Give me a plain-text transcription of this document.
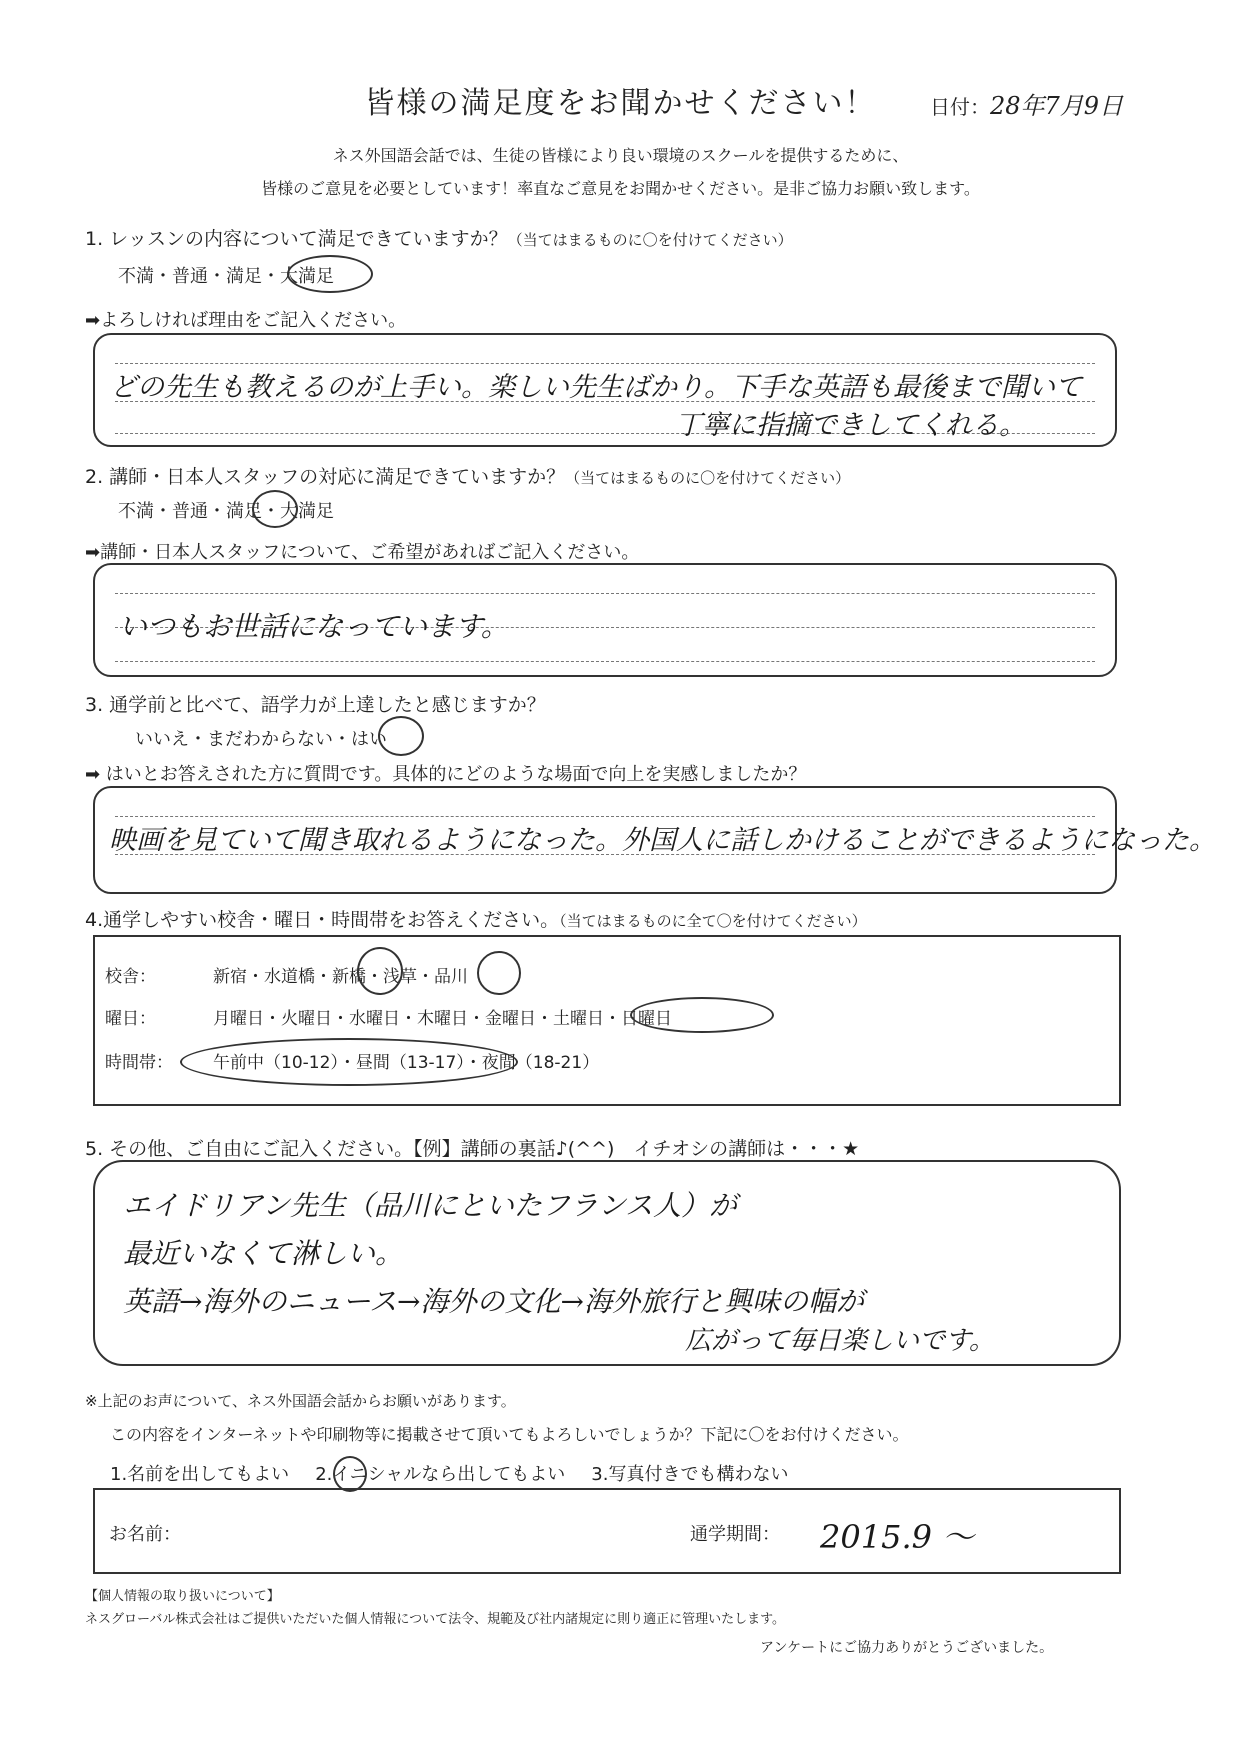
皆様の満足度をお聞かせください！	日付：28年7月9日
ネス外国語会話では、生徒の皆様により良い環境のスクールを提供するために、
皆様のご意見を必要としています！率直なご意見をお聞かせください。是非ご協力お願い致します。
1. レッスンの内容について満足できていますか？（当てはまるものに〇を付けてください）
不満・普通・満足・大満足
➡よろしければ理由をご記入ください。
どの先生も教えるのが上手い。楽しい先生ばかり。下手な英語も最後まで聞いて
丁寧に指摘できしてくれる。
2. 講師・日本人スタッフの対応に満足できていますか？（当てはまるものに〇を付けてください）
不満・普通・満足・大満足
➡講師・日本人スタッフについて、ご希望があればご記入ください。
いつもお世話になっています。
3. 通学前と比べて、語学力が上達したと感じますか？
いいえ・まだわからない・はい
➡ はいとお答えされた方に質問です。具体的にどのような場面で向上を実感しましたか？
映画を見ていて聞き取れるようになった。外国人に話しかけることができるようになった。
4.通学しやすい校舎・曜日・時間帯をお答えください。（当てはまるものに全て〇を付けてください）
校舎：	新宿・水道橋・新橋・浅草・品川
曜日：	月曜日・火曜日・水曜日・木曜日・金曜日・土曜日・日曜日
時間帯： 午前中（10-12）・昼間（13-17）・夜間（18-21）
5. その他、ご自由にご記入ください。【例】講師の裏話♪(^^)　イチオシの講師は・・・★
エイドリアン先生（品川にといたフランス人）が
最近いなくて淋しい。
英語→海外のニュース→海外の文化→海外旅行と興味の幅が
広がって毎日楽しいです。
※上記のお声について、ネス外国語会話からお願いがあります。
この内容をインターネットや印刷物等に掲載させて頂いてもよろしいでしょうか？下記に〇をお付けください。
1.名前を出してもよい 2.イニシャルなら出してもよい 3.写真付きでも構わない
お名前：	通学期間： 2015.9 ～
【個人情報の取り扱いについて】
ネスグローバル株式会社はご提供いただいた個人情報について法令、規範及び社内諸規定に則り適正に管理いたします。
アンケートにご協力ありがとうございました。
